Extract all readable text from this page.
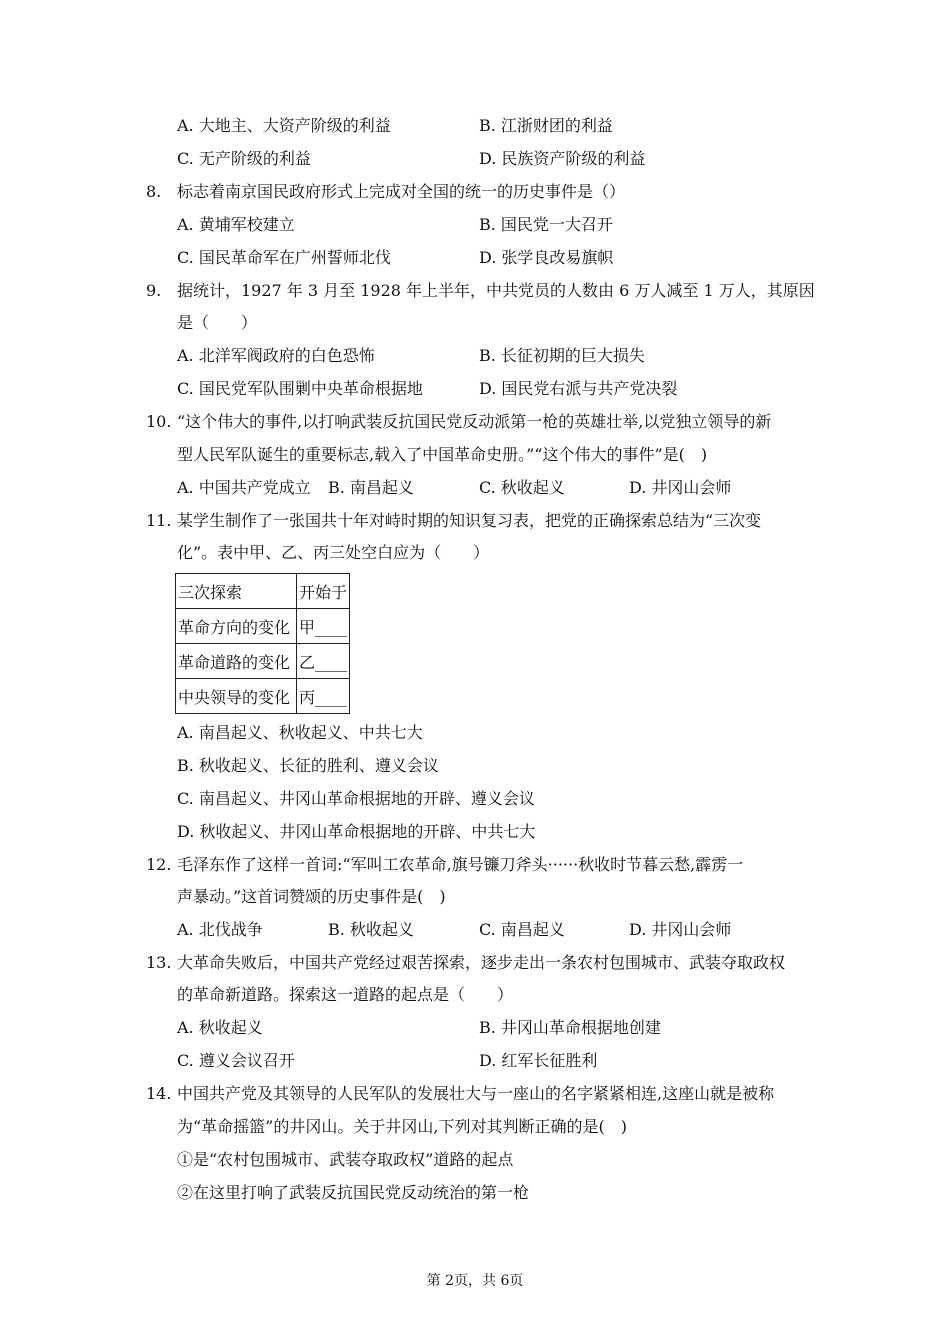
A. 大地主、大资产阶级的利益	B. 江浙财团的利益
C. 无产阶级的利益	D. 民族资产阶级的利益
8. 标志着南京国民政府形式上完成对全国的统一的历史事件是（）
A. 黄埔军校建立	B. 国民党一大召开
C. 国民革命军在广州誓师北伐	D. 张学良改易旗帜
9. 据统计，1927 年 3 月至 1928 年上半年，中共党员的人数由 6 万人减至 1 万人，其原因
是（　　）
A. 北洋军阀政府的白色恐怖	B. 长征初期的巨大损失
C. 国民党军队围剿中央革命根据地	D. 国民党右派与共产党决裂
10. “这个伟大的事件,以打响武装反抗国民党反动派第一枪的英雄壮举,以党独立领导的新
型人民军队诞生的重要标志,载入了中国革命史册。”“这个伟大的事件”是(　)
A. 中国共产党成立 B. 南昌起义	C. 秋收起义	D. 井冈山会师
11. 某学生制作了一张国共十年对峙时期的知识复习表，把党的正确探索总结为“三次变
化”。表中甲、乙、丙三处空白应为（　　）
三次探索	开始于
革命方向的变化	甲____
革命道路的变化	乙____
中央领导的变化	丙____
A. 南昌起义、秋收起义、中共七大
B. 秋收起义、长征的胜利、遵义会议
C. 南昌起义、井冈山革命根据地的开辟、遵义会议
D. 秋收起义、井冈山革命根据地的开辟、中共七大
12. 毛泽东作了这样一首词:“军叫工农革命,旗号镰刀斧头······秋收时节暮云愁,霹雳一
声暴动。”这首词赞颂的历史事件是(　)
A. 北伐战争	B. 秋收起义	C. 南昌起义	D. 井冈山会师
13. 大革命失败后，中国共产党经过艰苦探索，逐步走出一条农村包围城市、武装夺取政权
的革命新道路。探索这一道路的起点是（　　）
A. 秋收起义	B. 井冈山革命根据地创建
C. 遵义会议召开	D. 红军长征胜利
14. 中国共产党及其领导的人民军队的发展壮大与一座山的名字紧紧相连,这座山就是被称
为“革命摇篮”的井冈山。关于井冈山,下列对其判断正确的是(　)
①是“农村包围城市、武装夺取政权”道路的起点
②在这里打响了武装反抗国民党反动统治的第一枪
第 2页，共 6页
